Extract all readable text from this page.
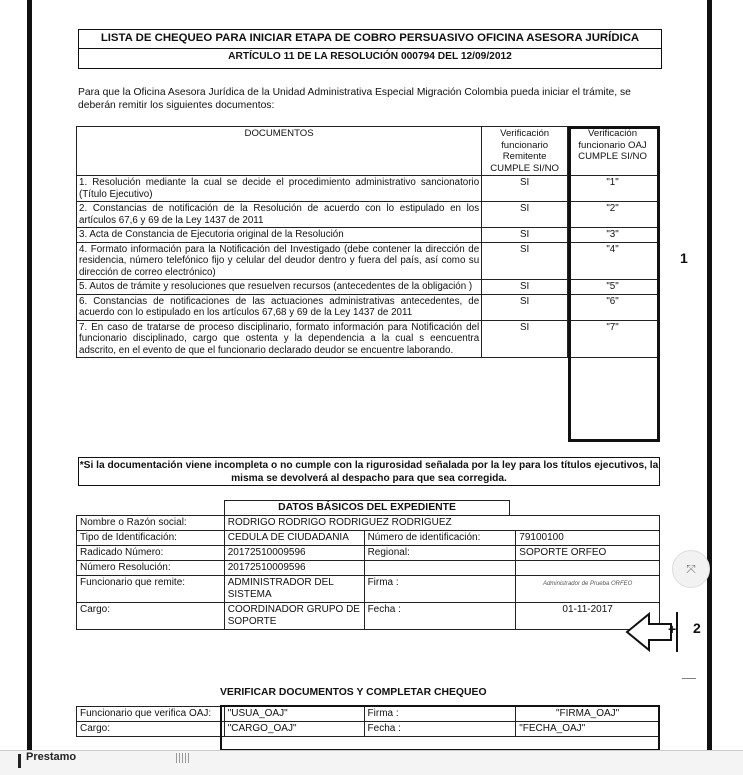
LISTA DE CHEQUEO PARA INICIAR ETAPA DE COBRO PERSUASIVO OFICINA ASESORA JURÍDICA
ARTÍCULO 11 DE LA RESOLUCIÓN 000794 DEL 12/09/2012
Para que la Oficina Asesora Jurídica de la Unidad Administrativa Especial Migración Colombia pueda iniciar el trámite, se deberán remitir los siguientes documentos:
DOCUMENTOS	Verificación funcionario Remitente CUMPLE SI/NO	Verificación funcionario OAJ CUMPLE SI/NO
1. Resolución mediante la cual se decide el procedimiento administrativo sancionatorio (Título Ejecutivo)	SI	"1"
2. Constancias de notificación de la Resolución de acuerdo con lo estipulado en los artículos 67,6 y 69 de la Ley 1437 de 2011	SI	"2"
3. Acta de Constancia de Ejecutoria original de la Resolución	SI	"3"
4. Formato información para la Notificación del Investigado (debe contener la dirección de residencia, número telefónico fijo y celular del deudor dentro y fuera del país, así como su dirección de correo electrónico)	SI	"4"
5. Autos de trámite y resoluciones que resuelven recursos (antecedentes de la obligación )	SI	"5"
6. Constancias de notificaciones de las actuaciones administrativas antecedentes, de acuerdo con lo estipulado en los artículos 67,68 y 69 de la Ley 1437 de 2011	SI	"6"
7. En caso de tratarse de proceso disciplinario, formato información para Notificación del funcionario disciplinado, cargo que ostenta y la dependencia a la cual s eencuentra adscrito, en el evento de que el funcionario declarado deudor se encuentre laborando.	SI	"7"
1
*Si la documentación viene incompleta o no cumple con la rigurosidad señalada por la ley para los títulos ejecutivos, la misma se devolverá al despacho para que sea corregida.
DATOS BÁSICOS DEL EXPEDIENTE
Nombre o Razón social:	RODRIGO RODRIGO RODRIGUEZ RODRIGUEZ		
Tipo de Identificación:	CEDULA DE CIUDADANIA	Número de identificación:	79100100
Radicado Número:	20172510009596	Regional:	SOPORTE ORFEO
Número Resolución:	20172510009596		
Funcionario que remite:	ADMINISTRADOR DEL SISTEMA	Firma :	Administrador de Prueba ORFEO

Cargo:	COORDINADOR GRUPO DE SOPORTE	Fecha :	01-11-2017
VERIFICAR DOCUMENTOS Y COMPLETAR CHEQUEO
Funcionario que verifica OAJ:	"USUA_OAJ"	Firma :	"FIRMA_OAJ"
Cargo:	"CARGO_OAJ"	Fecha :	"FECHA_OAJ"
+ 2
⤧
—
Prestamo
